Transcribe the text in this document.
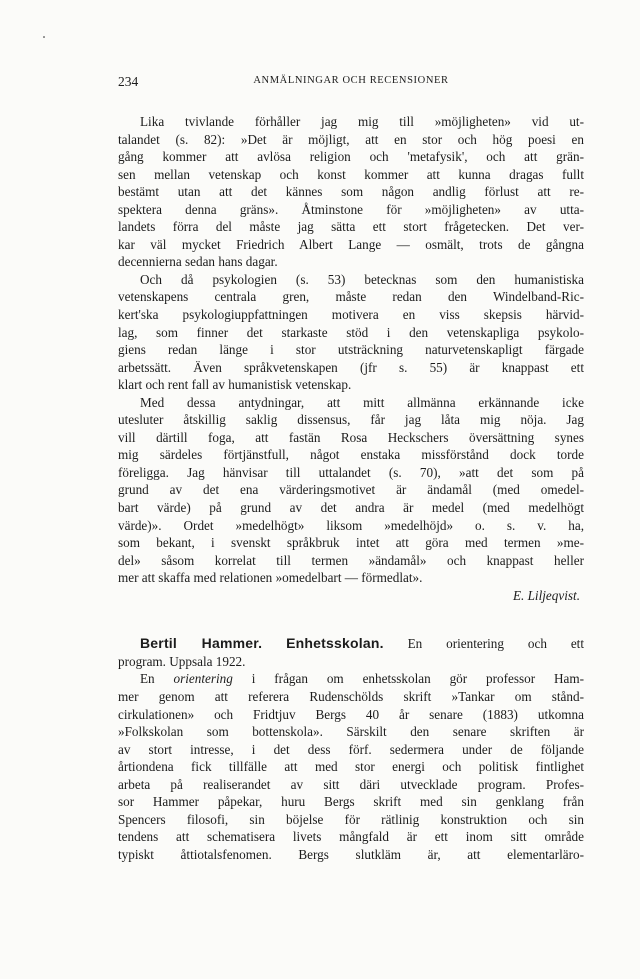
234	ANMÄLNINGAR OCH RECENSIONER
Lika tvivlande förhåller jag mig till »möjligheten» vid ut-
talandet (s. 82): »Det är möjligt, att en stor och hög poesi en
gång kommer att avlösa religion och 'metafysik', och att grän-
sen mellan vetenskap och konst kommer att kunna dragas fullt
bestämt utan att det kännes som någon andlig förlust att re-
spektera denna gräns». Åtminstone för »möjligheten» av utta-
landets förra del måste jag sätta ett stort frågetecken. Det ver-
kar väl mycket Friedrich Albert Lange — osmält, trots de gångna
decennierna sedan hans dagar.
Och då psykologien (s. 53) betecknas som den humanistiska
vetenskapens centrala gren, måste redan den Windelband-Ric-
kert'ska psykologiuppfattningen motivera en viss skepsis härvid-
lag, som finner det starkaste stöd i den vetenskapliga psykolo-
giens redan länge i stor utsträckning naturvetenskapligt färgade
arbetssätt. Även språkvetenskapen (jfr s. 55) är knappast ett
klart och rent fall av humanistisk vetenskap.
Med dessa antydningar, att mitt allmänna erkännande icke
utesluter åtskillig saklig dissensus, får jag låta mig nöja. Jag
vill därtill foga, att fastän Rosa Heckschers översättning synes
mig särdeles förtjänstfull, något enstaka missförstånd dock torde
föreligga. Jag hänvisar till uttalandet (s. 70), »att det som på
grund av det ena värderingsmotivet är ändamål (med omedel-
bart värde) på grund av det andra är medel (med medelhögt
värde)». Ordet »medelhögt» liksom »medelhöjd» o. s. v. ha,
som bekant, i svenskt språkbruk intet att göra med termen »me-
del» såsom korrelat till termen »ändamål» och knappast heller
mer att skaffa med relationen »omedelbart — förmedlat».
E. Liljeqvist.
Bertil Hammer. Enhetsskolan. En orientering och ett
program. Uppsala 1922.
En orientering i frågan om enhetsskolan gör professor Ham-
mer genom att referera Rudenschölds skrift »Tankar om stånd-
cirkulationen» och Fridtjuv Bergs 40 år senare (1883) utkomna
»Folkskolan som bottenskola». Särskilt den senare skriften är
av stort intresse, i det dess förf. sedermera under de följande
årtiondena fick tillfälle att med stor energi och politisk fintlighet
arbeta på realiserandet av sitt däri utvecklade program. Profes-
sor Hammer påpekar, huru Bergs skrift med sin genklang från
Spencers filosofi, sin böjelse för rätlinig konstruktion och sin
tendens att schematisera livets mångfald är ett inom sitt område
typiskt åttiotalsfenomen. Bergs slutkläm är, att elementarläro-
